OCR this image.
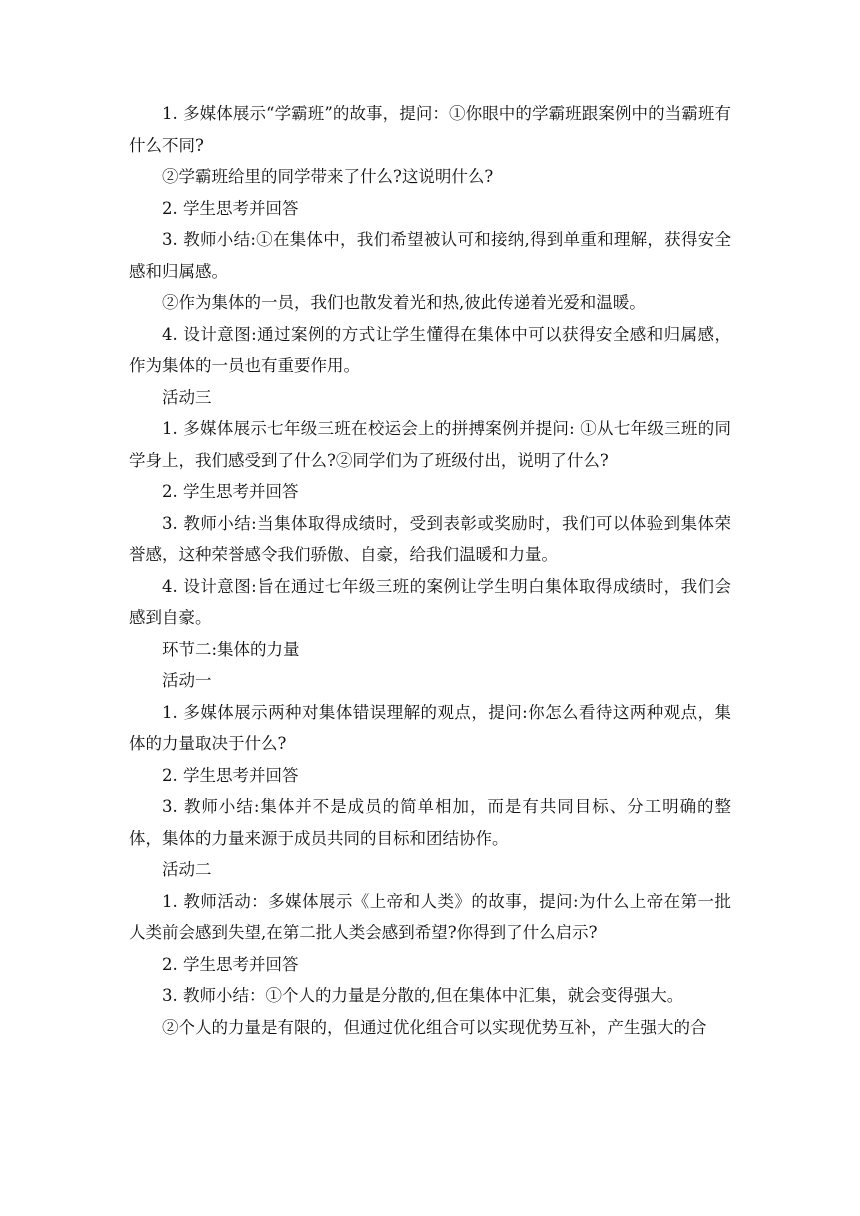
1. 多媒体展示“学霸班”的故事，提问：①你眼中的学霸班跟案例中的当霸班有什么不同?

②学霸班给里的同学带来了什么?这说明什么?

2. 学生思考并回答

3. 教师小结:①在集体中，我们希望被认可和接纳,得到单重和理解，获得安全感和归属感。

②作为集体的一员，我们也散发着光和热,彼此传递着光爱和温暖。

4. 设计意图:通过案例的方式让学生懂得在集体中可以获得安全感和归属感，作为集体的一员也有重要作用。

活动三

1. 多媒体展示七年级三班在校运会上的拼搏案例并提问: ①从七年级三班的同学身上，我们感受到了什么?②同学们为了班级付出，说明了什么?

2. 学生思考并回答

3. 教师小结:当集体取得成绩时，受到表彰或奖励时，我们可以体验到集体荣誉感，这种荣誉感令我们骄傲、自豪，给我们温暖和力量。

4. 设计意图:旨在通过七年级三班的案例让学生明白集体取得成绩时，我们会感到自豪。

环节二:集体的力量

活动一

1. 多媒体展示两种对集体错误理解的观点，提问:你怎么看待这两种观点，集体的力量取决于什么?

2. 学生思考并回答

3. 教师小结:集体并不是成员的简单相加，而是有共同目标、分工明确的整体，集体的力量来源于成员共同的目标和团结协作。

活动二

1. 教师活动：多媒体展示《上帝和人类》的故事，提问:为什么上帝在第一批人类前会感到失望,在第二批人类会感到希望?你得到了什么启示?

2. 学生思考并回答

3. 教师小结：①个人的力量是分散的,但在集体中汇集，就会变得强大。

②个人的力量是有限的，但通过优化组合可以实现优势互补，产生强大的合
